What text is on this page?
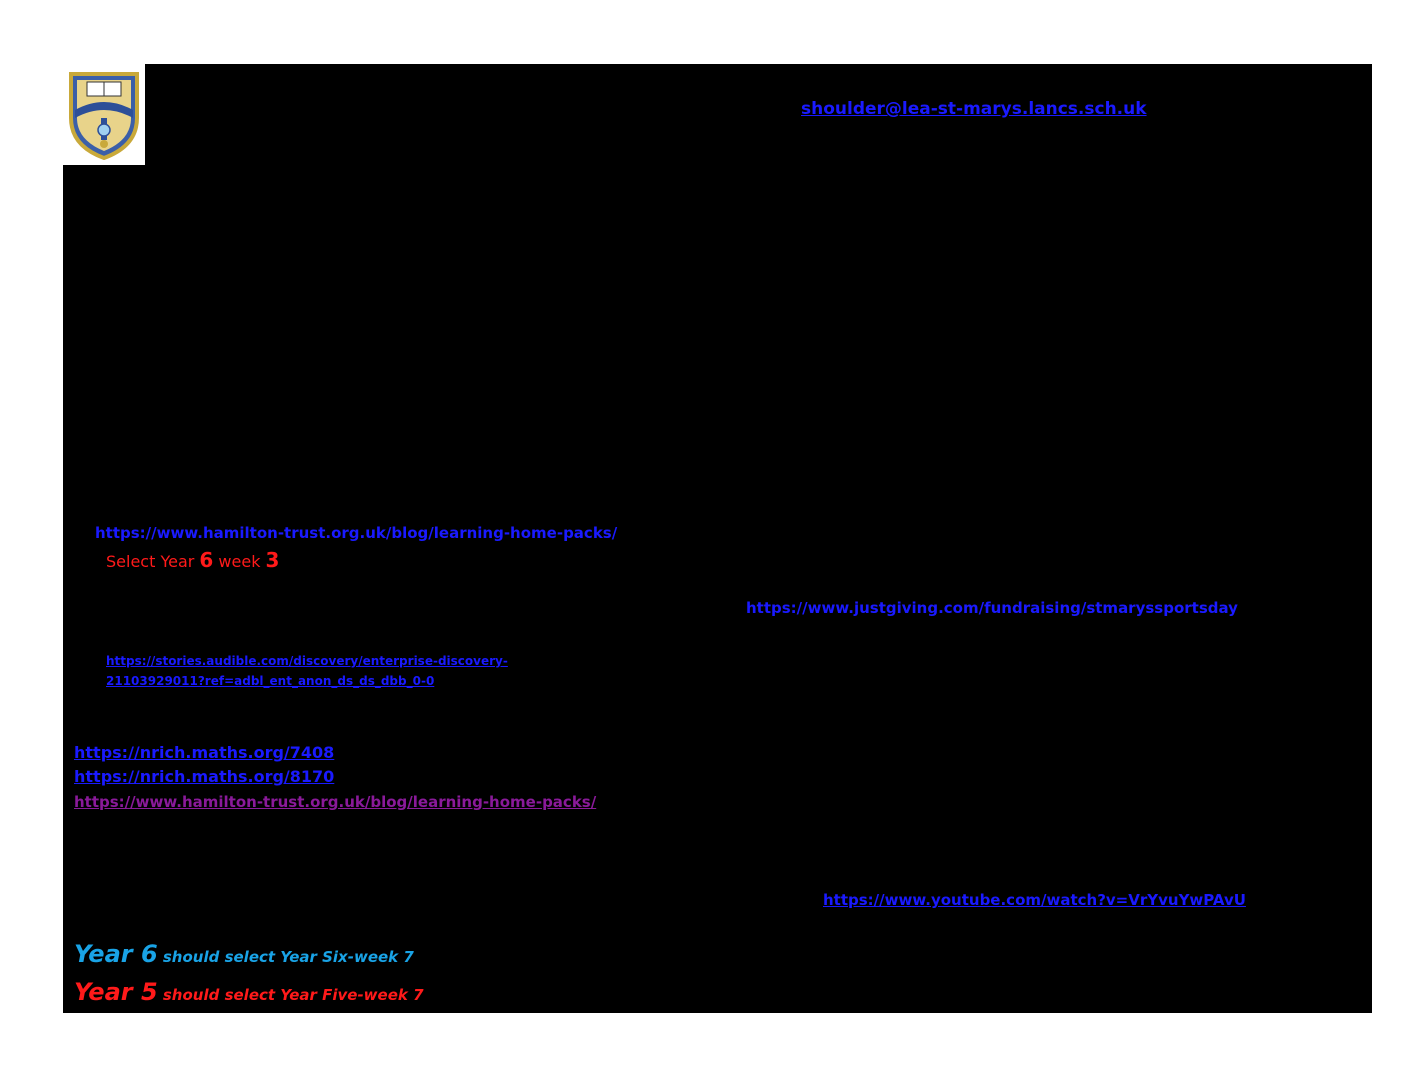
shoulder@lea-st-marys.lancs.sch.uk
https://www.hamilton-trust.org.uk/blog/learning-home-packs/
Select Year 6 week 3
https://www.justgiving.com/fundraising/stmaryssportsday
https://stories.audible.com/discovery/enterprise-discovery-21103929011?ref=adbl_ent_anon_ds_ds_dbb_0-0
https://nrich.maths.org/7408
https://nrich.maths.org/8170
https://www.hamilton-trust.org.uk/blog/learning-home-packs/
https://www.youtube.com/watch?v=VrYvuYwPAvU
Year 6 should select Year Six-week 7
Year 5 should select Year Five-week 7
